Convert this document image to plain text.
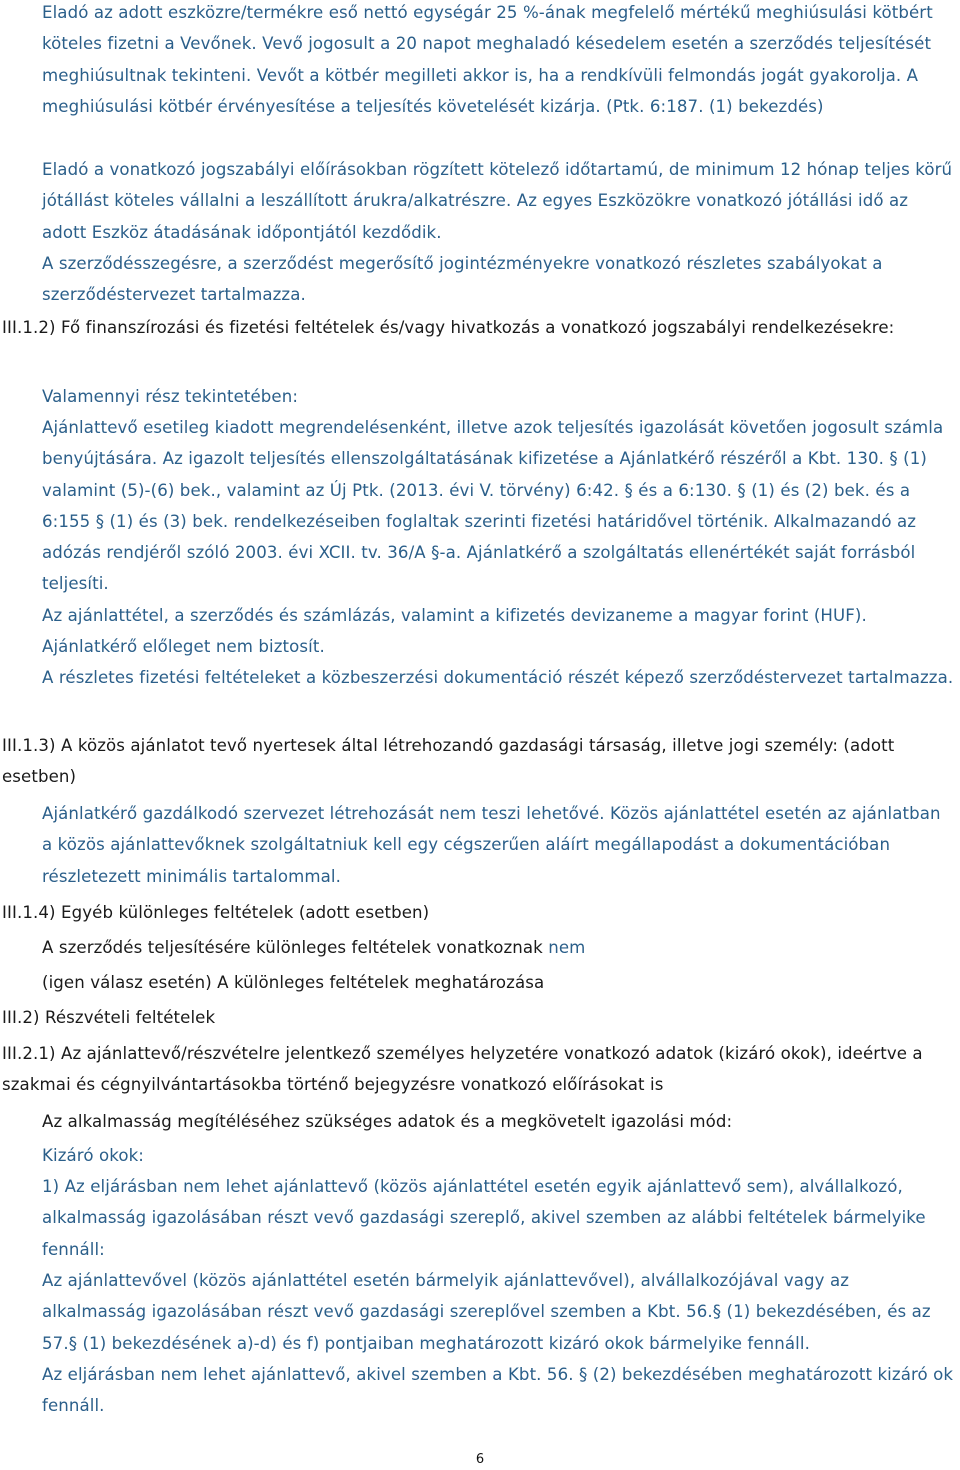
Eladó az adott eszközre/termékre eső nettó egységár 25 %-ának megfelelő mértékű meghiúsulási kötbért köteles fizetni a Vevőnek. Vevő jogosult a 20 napot meghaladó késedelem esetén a szerződés teljesítését meghiúsultnak tekinteni. Vevőt a kötbér megilleti akkor is, ha a rendkívüli felmondás jogát gyakorolja. A meghiúsulási kötbér érvényesítése a teljesítés követelését kizárja. (Ptk. 6:187. (1) bekezdés)

Eladó a vonatkozó jogszabályi előírásokban rögzített kötelező időtartamú, de minimum 12 hónap teljes körű jótállást köteles vállalni a leszállított árukra/alkatrészre. Az egyes Eszközökre vonatkozó jótállási idő az adott Eszköz átadásának időpontjától kezdődik.

A szerződésszegésre, a szerződést megerősítő jogintézményekre vonatkozó részletes szabályokat a szerződéstervezet tartalmazza.

III.1.2) Fő finanszírozási és fizetési feltételek és/vagy hivatkozás a vonatkozó jogszabályi rendelkezésekre:

Valamennyi rész tekintetében:

Ajánlattevő esetileg kiadott megrendelésenként, illetve azok teljesítés igazolását követően jogosult számla benyújtására. Az igazolt teljesítés ellenszolgáltatásának kifizetése a Ajánlatkérő részéről a Kbt. 130. § (1) valamint (5)-(6) bek., valamint az Új Ptk. (2013. évi V. törvény) 6:42. § és a 6:130. § (1) és (2) bek. és a 6:155 § (1) és (3) bek. rendelkezéseiben foglaltak szerinti fizetési határidővel történik. Alkalmazandó az adózás rendjéről szóló 2003. évi XCII. tv. 36/A §-a. Ajánlatkérő a szolgáltatás ellenértékét saját forrásból teljesíti.

Az ajánlattétel, a szerződés és számlázás, valamint a kifizetés devizaneme a magyar forint (HUF). Ajánlatkérő előleget nem biztosít.

A részletes fizetési feltételeket a közbeszerzési dokumentáció részét képező szerződéstervezet tartalmazza.

III.1.3) A közös ajánlatot tevő nyertesek által létrehozandó gazdasági társaság, illetve jogi személy: (adott esetben)

Ajánlatkérő gazdálkodó szervezet létrehozását nem teszi lehetővé. Közös ajánlattétel esetén az ajánlatban a közös ajánlattevőknek szolgáltatniuk kell egy cégszerűen aláírt megállapodást a dokumentációban részletezett minimális tartalommal.

III.1.4) Egyéb különleges feltételek (adott esetben)

A szerződés teljesítésére különleges feltételek vonatkoznak nem

(igen válasz esetén) A különleges feltételek meghatározása

III.2) Részvételi feltételek

III.2.1) Az ajánlattevő/részvételre jelentkező személyes helyzetére vonatkozó adatok (kizáró okok), ideértve a szakmai és cégnyilvántartásokba történő bejegyzésre vonatkozó előírásokat is

Az alkalmasság megítéléséhez szükséges adatok és a megkövetelt igazolási mód:

Kizáró okok:

1) Az eljárásban nem lehet ajánlattevő (közös ajánlattétel esetén egyik ajánlattevő sem), alvállalkozó, alkalmasság igazolásában részt vevő gazdasági szereplő, akivel szemben az alábbi feltételek bármelyike fennáll:

Az ajánlattevővel (közös ajánlattétel esetén bármelyik ajánlattevővel), alvállalkozójával vagy az alkalmasság igazolásában részt vevő gazdasági szereplővel szemben a Kbt. 56.§ (1) bekezdésében, és az 57.§ (1) bekezdésének a)-d) és f) pontjaiban meghatározott kizáró okok bármelyike fennáll.

Az eljárásban nem lehet ajánlattevő, akivel szemben a Kbt. 56. § (2) bekezdésében meghatározott kizáró ok fennáll.

6
